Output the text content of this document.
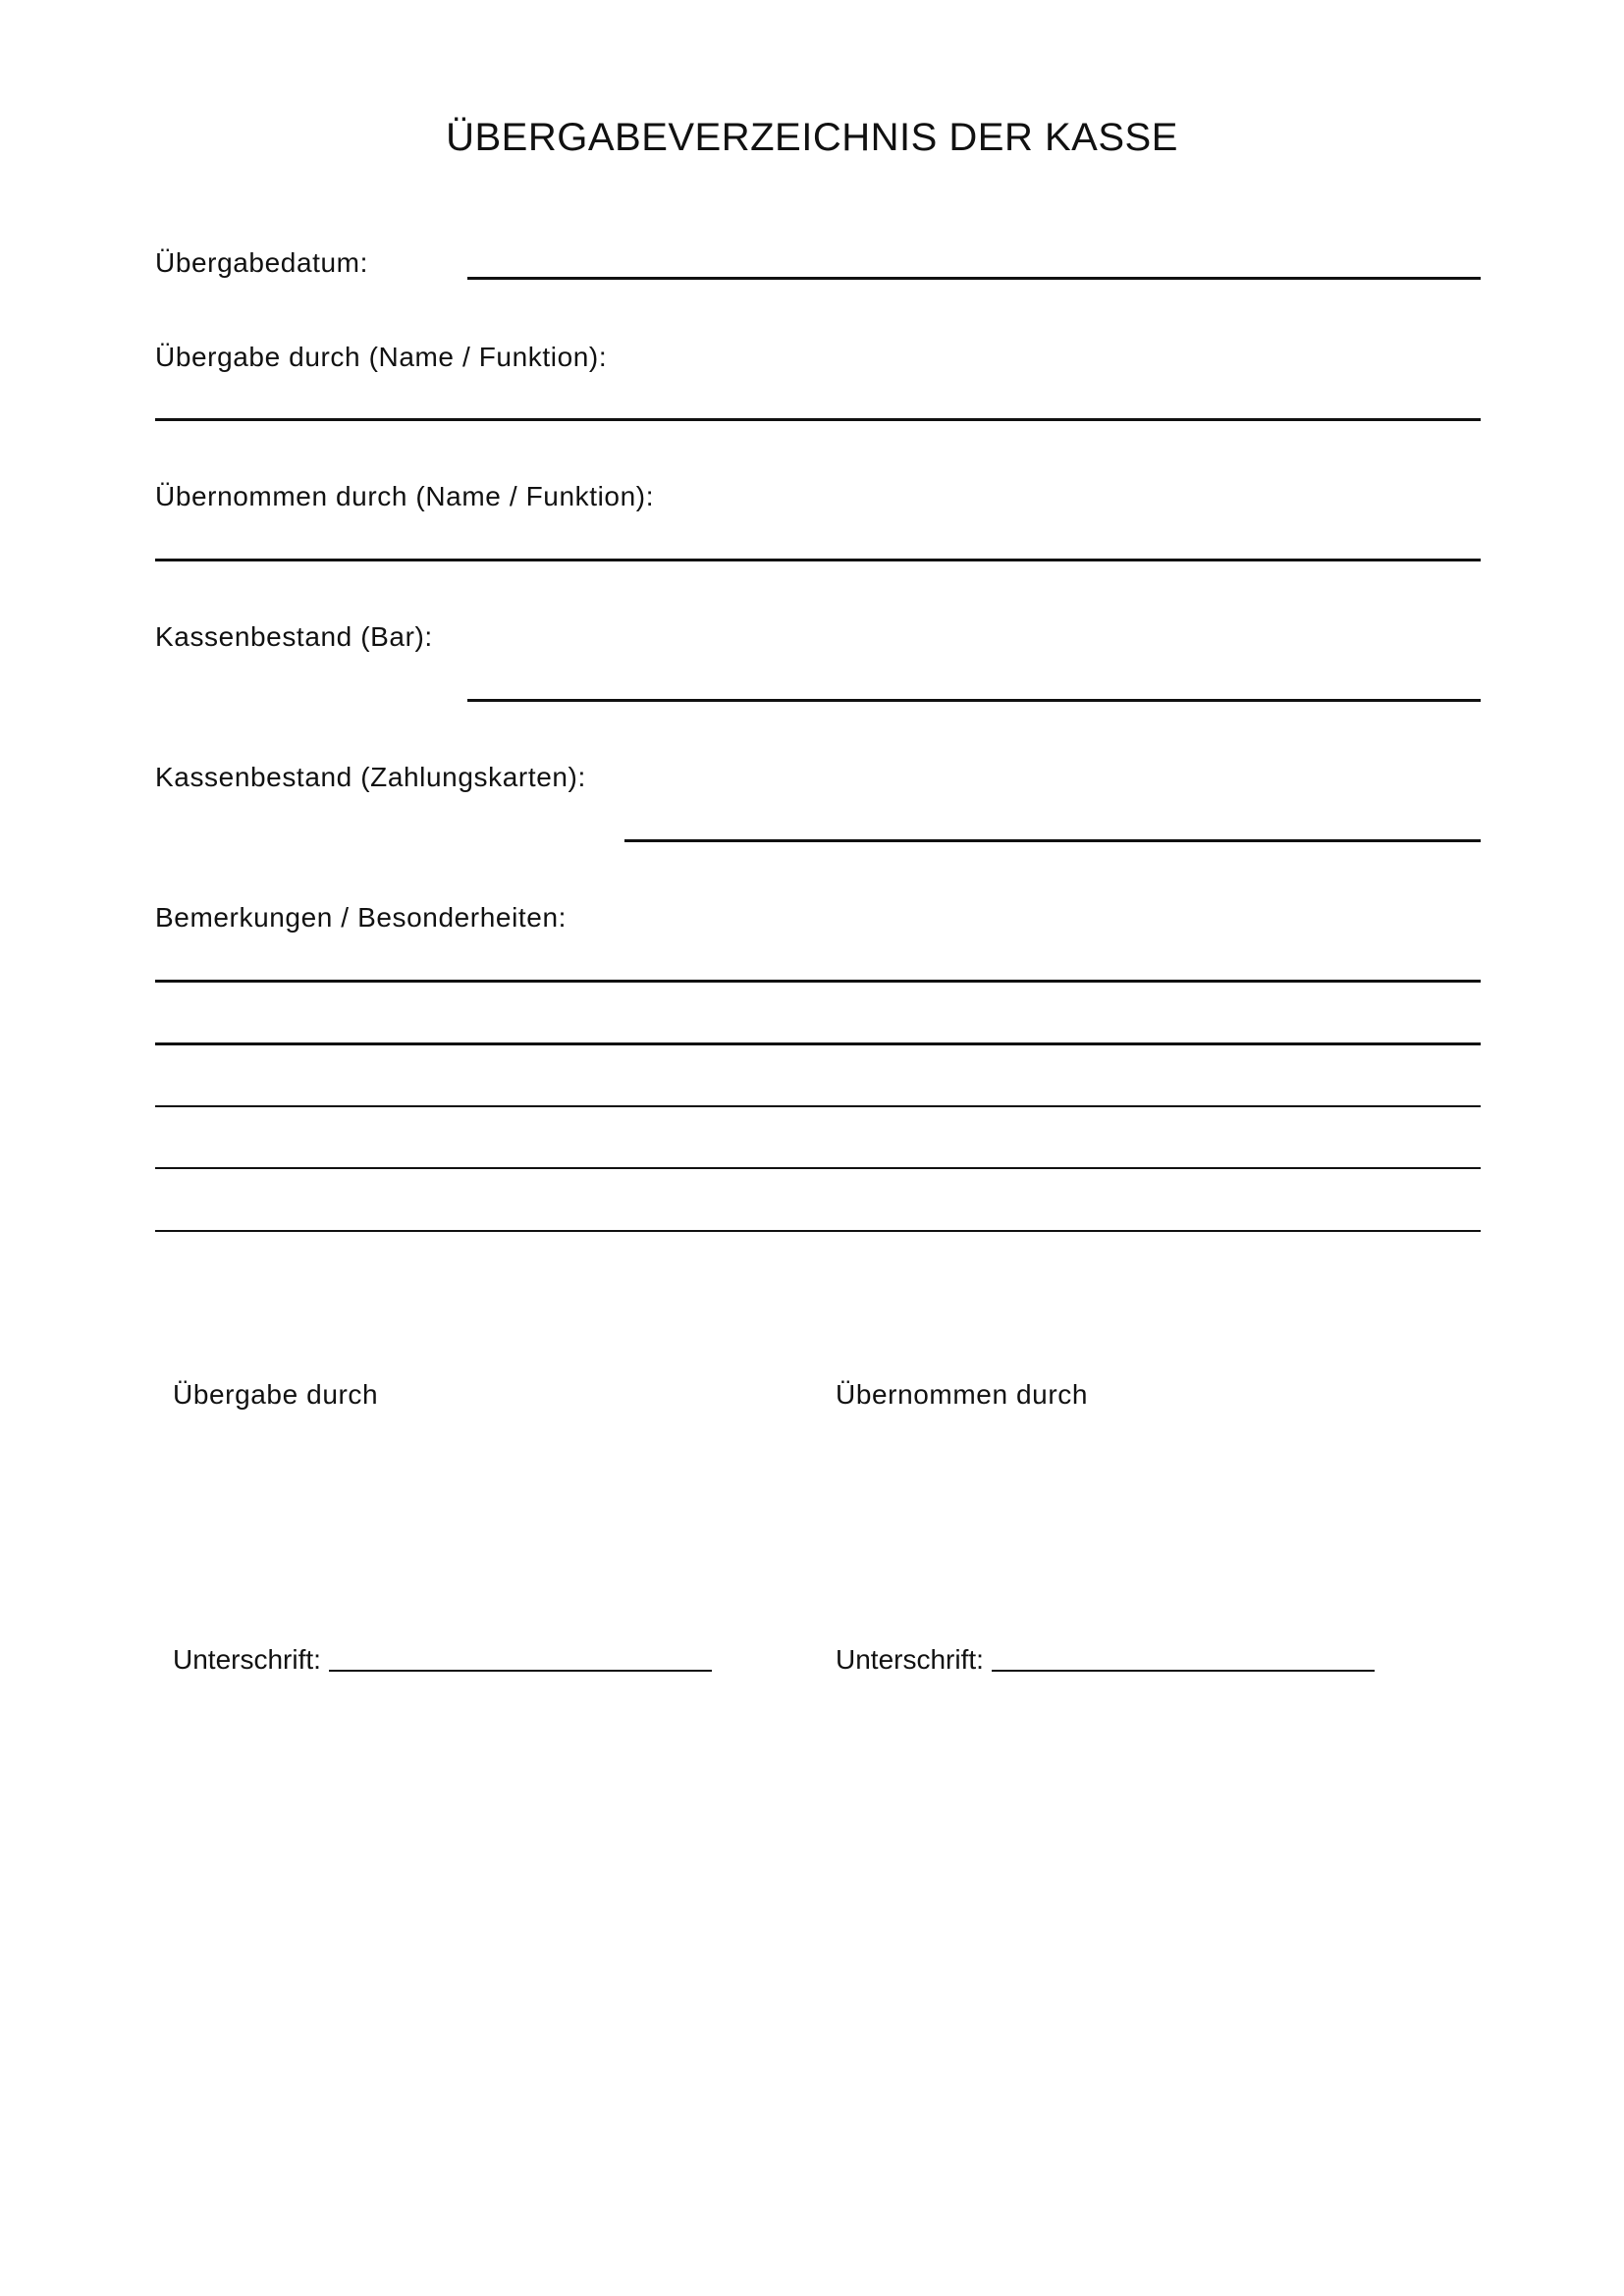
ÜBERGABEVERZEICHNIS DER KASSE
Übergabedatum:
Übergabe durch (Name / Funktion):
Übernommen durch (Name / Funktion):
Kassenbestand (Bar):
Kassenbestand (Zahlungskarten):
Bemerkungen / Besonderheiten:
Übergabe durch	Übernommen durch
Unterschrift:	Unterschrift:
